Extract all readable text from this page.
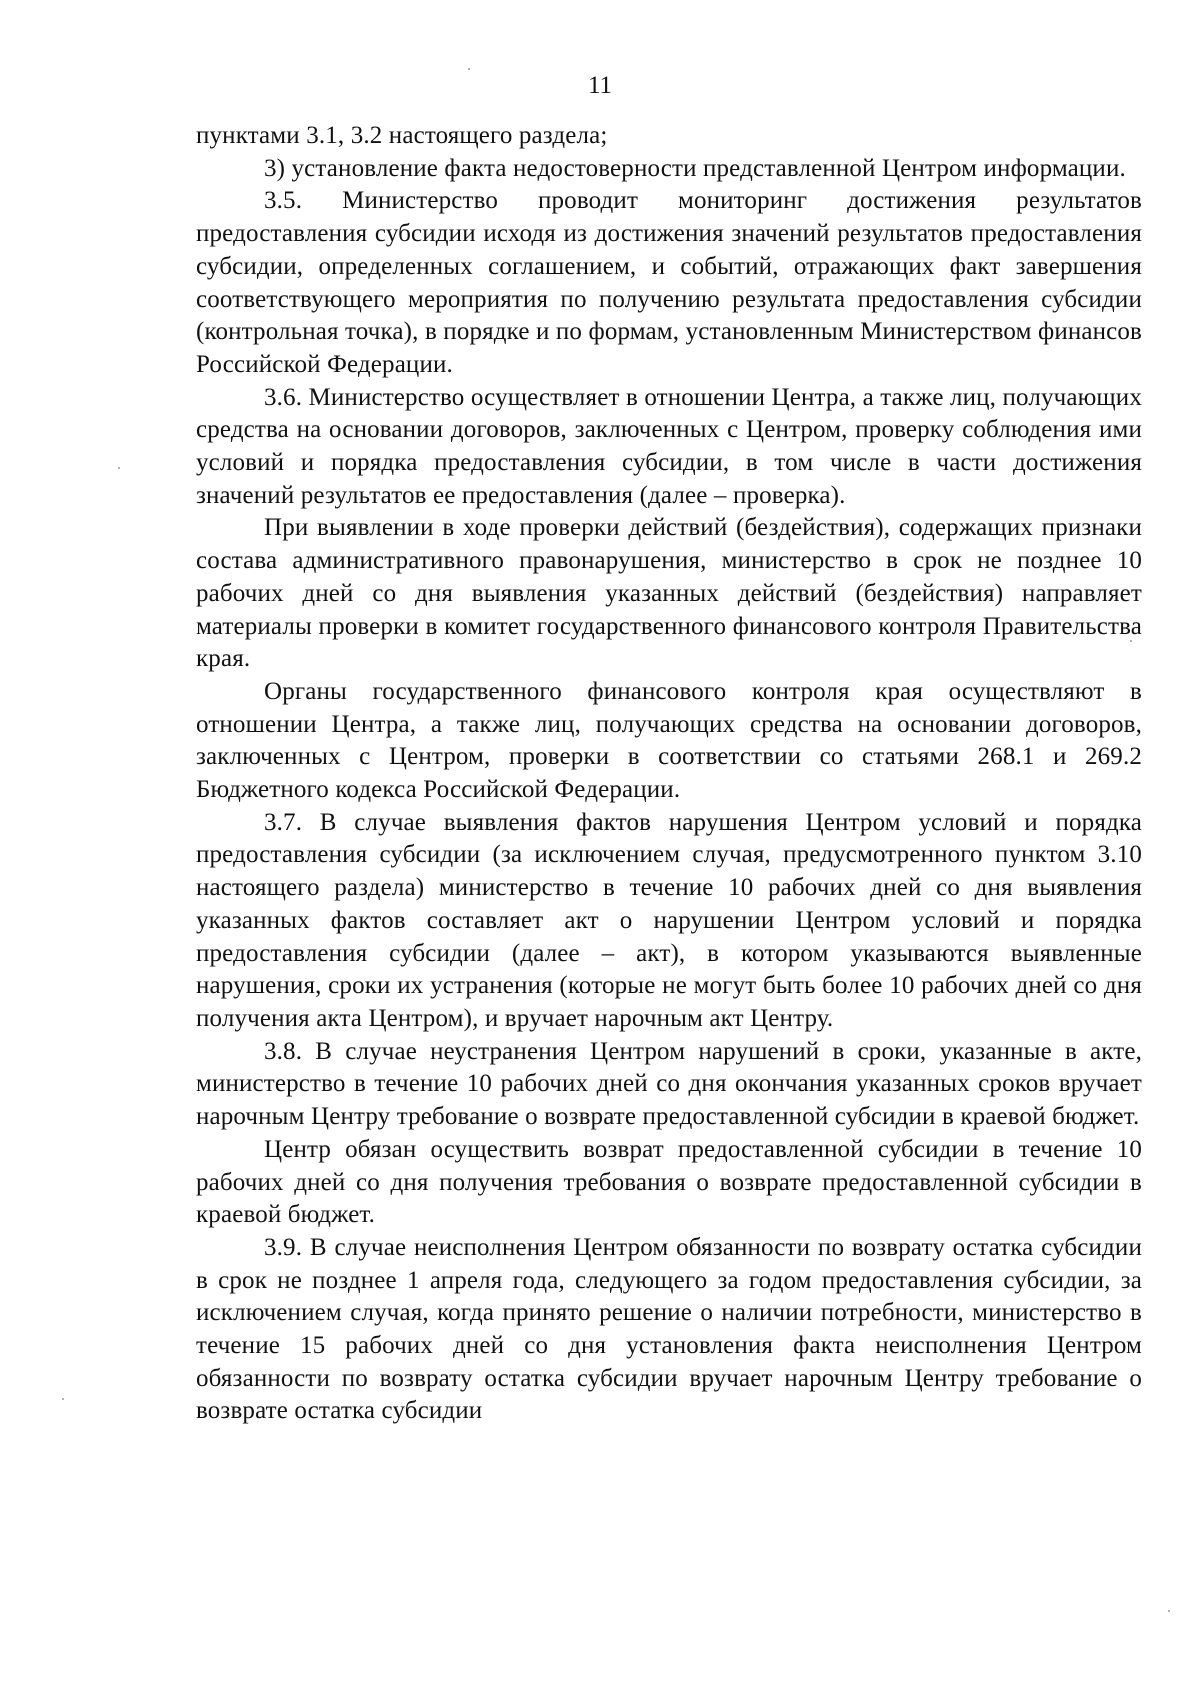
11

пунктами 3.1, 3.2 настоящего раздела;

3) установление факта недостоверности представленной Центром информации.

3.5. Министерство проводит мониторинг достижения результатов предоставления субсидии исходя из достижения значений результатов предоставления субсидии, определенных соглашением, и событий, отражающих факт завершения соответствующего мероприятия по получению результата предоставления субсидии (контрольная точка), в порядке и по формам, установленным Министерством финансов Российской Федерации.

3.6. Министерство осуществляет в отношении Центра, а также лиц, получающих средства на основании договоров, заключенных с Центром, проверку соблюдения ими условий и порядка предоставления субсидии, в том числе в части достижения значений результатов ее предоставления (далее – проверка).

При выявлении в ходе проверки действий (бездействия), содержащих признаки состава административного правонарушения, министерство в срок не позднее 10 рабочих дней со дня выявления указанных действий (бездействия) направляет материалы проверки в комитет государственного финансового контроля Правительства края.

Органы государственного финансового контроля края осуществляют в отношении Центра, а также лиц, получающих средства на основании договоров, заключенных с Центром, проверки в соответствии со статьями 268.1 и 269.2 Бюджетного кодекса Российской Федерации.

3.7. В случае выявления фактов нарушения Центром условий и порядка предоставления субсидии (за исключением случая, предусмотренного пунктом 3.10 настоящего раздела) министерство в течение 10 рабочих дней со дня выявления указанных фактов составляет акт о нарушении Центром условий и порядка предоставления субсидии (далее – акт), в котором указываются выявленные нарушения, сроки их устранения (которые не могут быть более 10 рабочих дней со дня получения акта Центром), и вручает нарочным акт Центру.

3.8. В случае неустранения Центром нарушений в сроки, указанные в акте, министерство в течение 10 рабочих дней со дня окончания указанных сроков вручает нарочным Центру требование о возврате предоставленной субсидии в краевой бюджет.

Центр обязан осуществить возврат предоставленной субсидии в течение 10 рабочих дней со дня получения требования о возврате предоставленной субсидии в краевой бюджет.

3.9. В случае неисполнения Центром обязанности по возврату остатка субсидии в срок не позднее 1 апреля года, следующего за годом предоставления субсидии, за исключением случая, когда принято решение о наличии потребности, министерство в течение 15 рабочих дней со дня установления факта неисполнения Центром обязанности по возврату остатка субсидии вручает нарочным Центру требование о возврате остатка субсидии
